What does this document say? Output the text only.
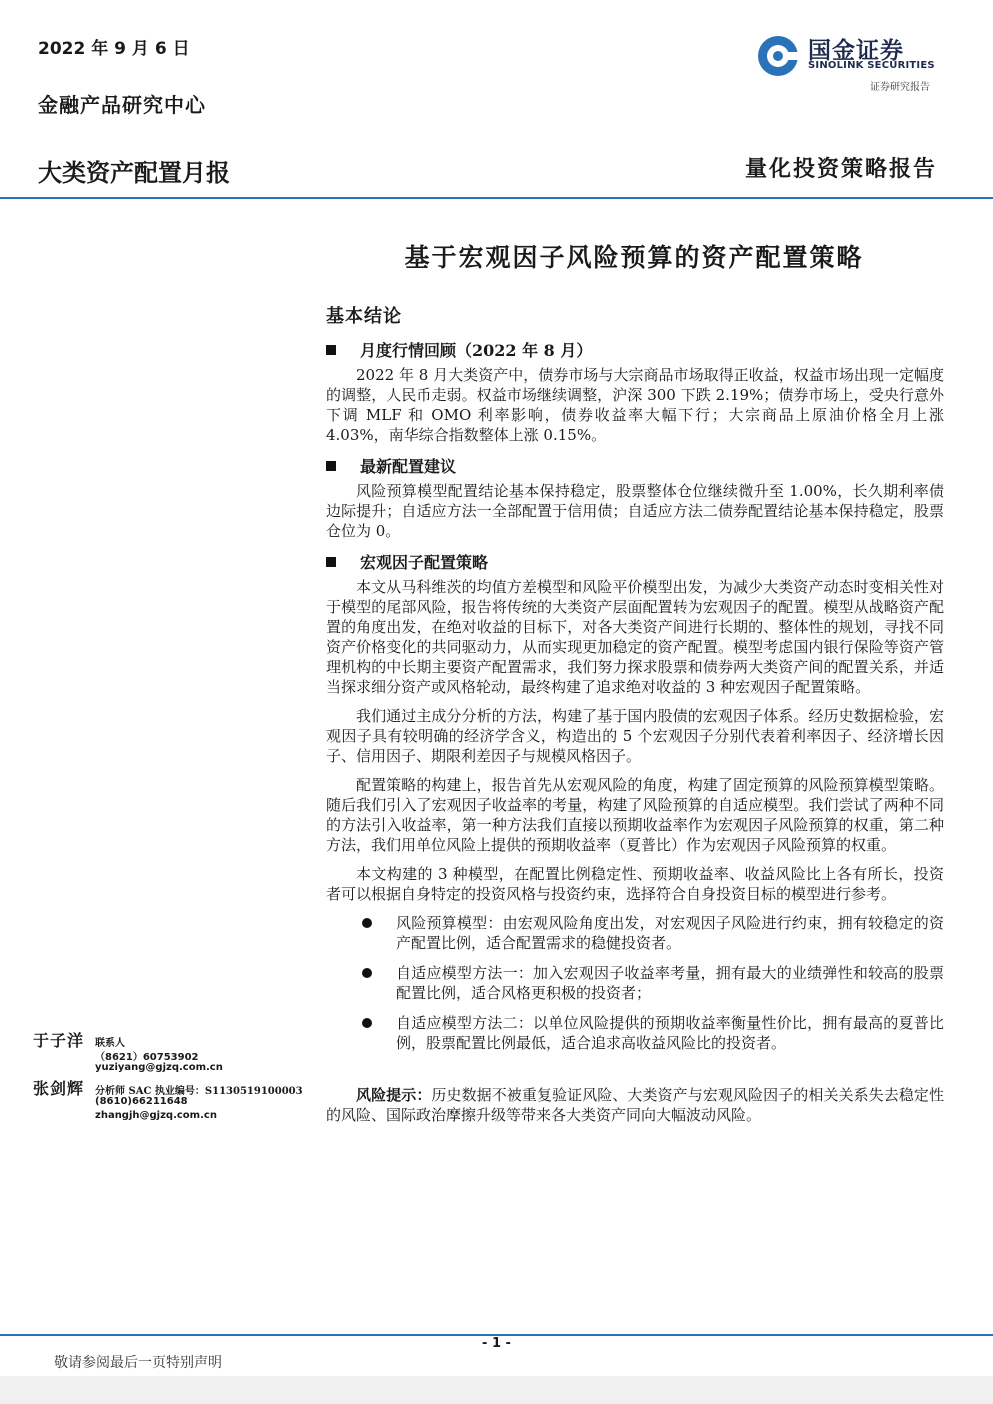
2022 年 9 月 6 日
金融产品研究中心
大类资产配置月报	量化投资策略报告
国金证券
SINOLINK SECURITIES
证券研究报告
基于宏观因子风险预算的资产配置策略
基本结论
月度行情回顾（2022 年 8 月）

2022 年 8 月大类资产中，债券市场与大宗商品市场取得正收益，权益市场出现一定幅度的调整，人民币走弱。权益市场继续调整，沪深 300 下跌 2.19%；债券市场上，受央行意外下调 MLF 和 OMO 利率影响，债券收益率大幅下行；大宗商品上原油价格全月上涨 4.03%，南华综合指数整体上涨 0.15%。

最新配置建议

风险预算模型配置结论基本保持稳定，股票整体仓位继续微升至 1.00%，长久期利率债边际提升；自适应方法一全部配置于信用债；自适应方法二债券配置结论基本保持稳定，股票仓位为 0。

宏观因子配置策略

本文从马科维茨的均值方差模型和风险平价模型出发，为减少大类资产动态时变相关性对于模型的尾部风险，报告将传统的大类资产层面配置转为宏观因子的配置。模型从战略资产配置的角度出发，在绝对收益的目标下，对各大类资产间进行长期的、整体性的规划，寻找不同资产价格变化的共同驱动力，从而实现更加稳定的资产配置。模型考虑国内银行保险等资产管理机构的中长期主要资产配置需求，我们努力探求股票和债券两大类资产间的配置关系，并适当探求细分资产或风格轮动，最终构建了追求绝对收益的 3 种宏观因子配置策略。

我们通过主成分分析的方法，构建了基于国内股债的宏观因子体系。经历史数据检验，宏观因子具有较明确的经济学含义，构造出的 5 个宏观因子分别代表着利率因子、经济增长因子、信用因子、期限利差因子与规模风格因子。

配置策略的构建上，报告首先从宏观风险的角度，构建了固定预算的风险预算模型策略。随后我们引入了宏观因子收益率的考量，构建了风险预算的自适应模型。我们尝试了两种不同的方法引入收益率，第一种方法我们直接以预期收益率作为宏观因子风险预算的权重，第二种方法，我们用单位风险上提供的预期收益率（夏普比）作为宏观因子风险预算的权重。

本文构建的 3 种模型，在配置比例稳定性、预期收益率、收益风险比上各有所长，投资者可以根据自身特定的投资风格与投资约束，选择符合自身投资目标的模型进行参考。

风险预算模型：由宏观风险角度出发，对宏观因子风险进行约束，拥有较稳定的资产配置比例，适合配置需求的稳健投资者。
自适应模型方法一：加入宏观因子收益率考量，拥有最大的业绩弹性和较高的股票配置比例，适合风格更积极的投资者；
自适应模型方法二：以单位风险提供的预期收益率衡量性价比，拥有最高的夏普比例，股票配置比例最低，适合追求高收益风险比的投资者。

风险提示：历史数据不被重复验证风险、大类资产与宏观风险因子的相关关系失去稳定性的风险、国际政治摩擦升级等带来各大类资产同向大幅波动风险。

于子洋 联系人
（8621）60753902
yuziyang@gjzq.com.cn
张剑辉 分析师 SAC 执业编号：S1130519100003
(8610)66211648
zhangjh@gjzq.com.cn
- 1 -
敬请参阅最后一页特别声明
